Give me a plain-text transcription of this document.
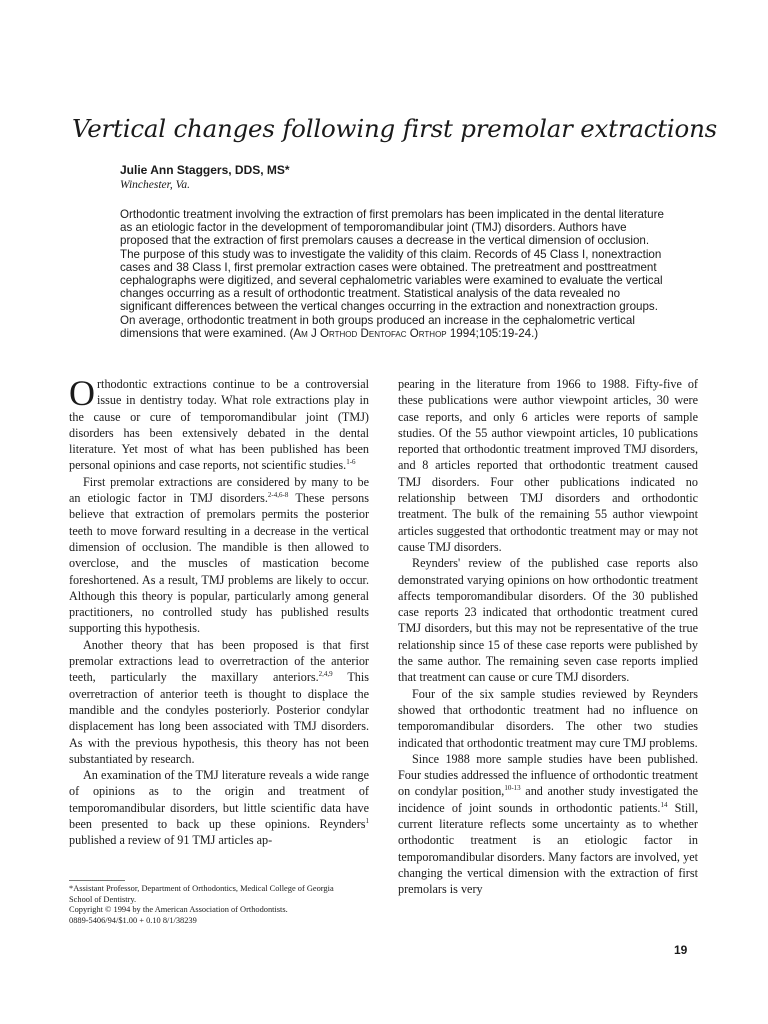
Vertical changes following first premolar extractions
Julie Ann Staggers, DDS, MS*
Winchester, Va.
Orthodontic treatment involving the extraction of first premolars has been implicated in the dental literature as an etiologic factor in the development of temporomandibular joint (TMJ) disorders. Authors have proposed that the extraction of first premolars causes a decrease in the vertical dimension of occlusion. The purpose of this study was to investigate the validity of this claim. Records of 45 Class I, nonextraction cases and 38 Class I, first premolar extraction cases were obtained. The pretreatment and posttreatment cephalographs were digitized, and several cephalometric variables were examined to evaluate the vertical changes occurring as a result of orthodontic treatment. Statistical analysis of the data revealed no significant differences between the vertical changes occurring in the extraction and nonextraction groups. On average, orthodontic treatment in both groups produced an increase in the cephalometric vertical dimensions that were examined. (Am J Orthod Dentofac Orthop 1994;105:19-24.)

Orthodontic extractions continue to be a controversial issue in dentistry today. What role extractions play in the cause or cure of temporomandibular joint (TMJ) disorders has been extensively debated in the dental literature. Yet most of what has been published has been personal opinions and case reports, not scientific studies.$^{1-6}$

First premolar extractions are considered by many to be an etiologic factor in TMJ disorders.$^{2-4,6-8}$ These persons believe that extraction of premolars permits the posterior teeth to move forward resulting in a decrease in the vertical dimension of occlusion. The mandible is then allowed to overclose, and the muscles of mastication become foreshortened. As a result, TMJ problems are likely to occur. Although this theory is popular, particularly among general practitioners, no controlled study has published results supporting this hypothesis.

Another theory that has been proposed is that first premolar extractions lead to overretraction of the anterior teeth, particularly the maxillary anteriors.$^{2,4,9}$ This overretraction of anterior teeth is thought to displace the mandible and the condyles posteriorly. Posterior condylar displacement has long been associated with TMJ disorders. As with the previous hypothesis, this theory has not been substantiated by research.

An examination of the TMJ literature reveals a wide range of opinions as to the origin and treatment of temporomandibular disorders, but little scientific data have been presented to back up these opinions. Reynders$^1$ published a review of 91 TMJ articles ap-

pearing in the literature from 1966 to 1988. Fifty-five of these publications were author viewpoint articles, 30 were case reports, and only 6 articles were reports of sample studies. Of the 55 author viewpoint articles, 10 publications reported that orthodontic treatment improved TMJ disorders, and 8 articles reported that orthodontic treatment caused TMJ disorders. Four other publications indicated no relationship between TMJ disorders and orthodontic treatment. The bulk of the remaining 55 author viewpoint articles suggested that orthodontic treatment may or may not cause TMJ disorders.

Reynders' review of the published case reports also demonstrated varying opinions on how orthodontic treatment affects temporomandibular disorders. Of the 30 published case reports 23 indicated that orthodontic treatment cured TMJ disorders, but this may not be representative of the true relationship since 15 of these case reports were published by the same author. The remaining seven case reports implied that treatment can cause or cure TMJ disorders.

Four of the six sample studies reviewed by Reynders showed that orthodontic treatment had no influence on temporomandibular disorders. The other two studies indicated that orthodontic treatment may cure TMJ problems.

Since 1988 more sample studies have been published. Four studies addressed the influence of orthodontic treatment on condylar position,$^{10-13}$ and another study investigated the incidence of joint sounds in orthodontic patients.$^{14}$ Still, current literature reflects some uncertainty as to whether orthodontic treatment is an etiologic factor in temporomandibular disorders. Many factors are involved, yet changing the vertical dimension with the extraction of first premolars is very

*Assistant Professor, Department of Orthodontics, Medical College of Georgia
School of Dentistry.
Copyright © 1994 by the American Association of Orthodontists.
0889-5406/94/$1.00 + 0.10 8/1/38239
19
